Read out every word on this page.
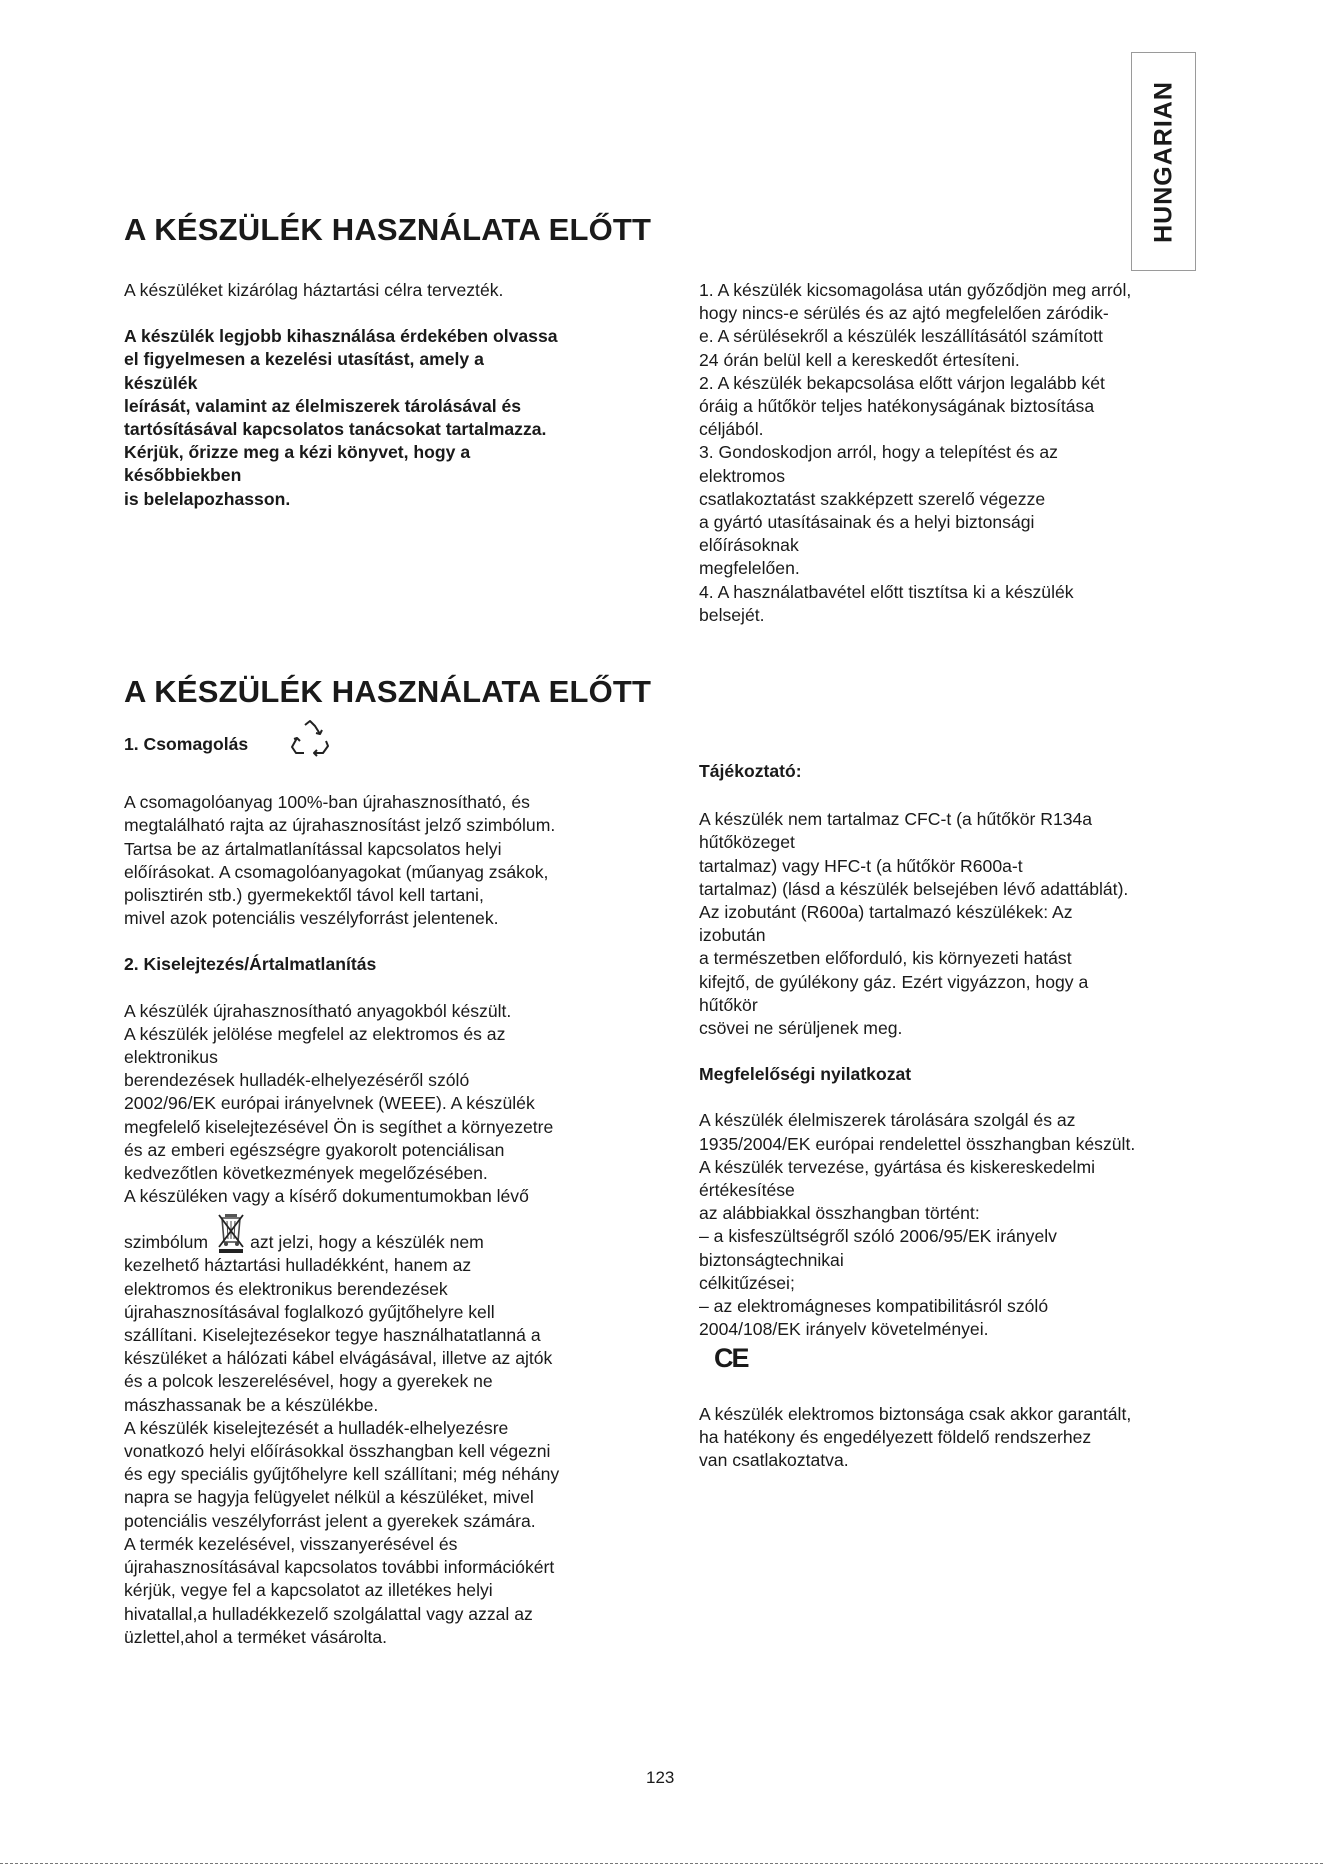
HUNGARIAN
A KÉSZÜLÉK HASZNÁLATA ELŐTT
A készüléket kizárólag háztartási célra tervezték.
A készülék legjobb kihasználása érdekében olvassa
el figyelmesen a kezelési utasítást, amely a
készülék
leírását, valamint az élelmiszerek tárolásával és
tartósításával kapcsolatos tanácsokat tartalmazza.
Kérjük, őrizze meg a kézi könyvet, hogy a
későbbiekben
is belelapozhasson.
1. A készülék kicsomagolása után győződjön meg arról,
hogy nincs-e sérülés és az ajtó megfelelően záródik-
e. A sérülésekről a készülék leszállításától számított
24 órán belül kell a kereskedőt értesíteni.
2. A készülék bekapcsolása előtt várjon legalább két
óráig a hűtőkör teljes hatékonyságának biztosítása
céljából.
3. Gondoskodjon arról, hogy a telepítést és az
elektromos
csatlakoztatást szakképzett szerelő végezze
a gyártó utasításainak és a helyi biztonsági
előírásoknak
megfelelően.
4. A használatbavétel előtt tisztítsa ki a készülék
belsejét.
A KÉSZÜLÉK HASZNÁLATA ELŐTT
1. Csomagolás
A csomagolóanyag 100%-ban újrahasznosítható, és
megtalálható rajta az újrahasznosítást jelző szimbólum.
Tartsa be az ártalmatlanítással kapcsolatos helyi
előírásokat. A csomagolóanyagokat (műanyag zsákok,
polisztirén stb.) gyermekektől távol kell tartani,
mivel azok potenciális veszélyforrást jelentenek.
2. Kiselejtezés/Ártalmatlanítás
A készülék újrahasznosítható anyagokból készült.
A készülék jelölése megfelel az elektromos és az
elektronikus
berendezések hulladék-elhelyezéséről szóló
2002/96/EK európai irányelvnek (WEEE). A készülék
megfelelő kiselejtezésével Ön is segíthet a környezetre
és az emberi egészségre gyakorolt potenciálisan
kedvezőtlen következmények megelőzésében.
A készüléken vagy a kísérő dokumentumokban lévő
szimbólum azt jelzi, hogy a készülék nem
kezelhető háztartási hulladékként, hanem az
elektromos és elektronikus berendezések
újrahasznosításával foglalkozó gyűjtőhelyre kell
szállítani. Kiselejtezésekor tegye használhatatlanná a
készüléket a hálózati kábel elvágásával, illetve az ajtók
és a polcok leszerelésével, hogy a gyerekek ne
mászhassanak be a készülékbe.
A készülék kiselejtezését a hulladék-elhelyezésre
vonatkozó helyi előírásokkal összhangban kell végezni
és egy speciális gyűjtőhelyre kell szállítani; még néhány
napra se hagyja felügyelet nélkül a készüléket, mivel
potenciális veszélyforrást jelent a gyerekek számára.
A termék kezelésével, visszanyerésével és
újrahasznosításával kapcsolatos további információkért
kérjük, vegye fel a kapcsolatot az illetékes helyi
hivatallal,a hulladékkezelő szolgálattal vagy azzal az
üzlettel,ahol a terméket vásárolta.
Tájékoztató:
A készülék nem tartalmaz CFC-t (a hűtőkör R134a
hűtőközeget
tartalmaz) vagy HFC-t (a hűtőkör R600a-t
tartalmaz) (lásd a készülék belsejében lévő adattáblát).
Az izobutánt (R600a) tartalmazó készülékek: Az
izobután
a természetben előforduló, kis környezeti hatást
kifejtő, de gyúlékony gáz. Ezért vigyázzon, hogy a
hűtőkör
csövei ne sérüljenek meg.
Megfelelőségi nyilatkozat
A készülék élelmiszerek tárolására szolgál és az
1935/2004/EK európai rendelettel összhangban készült.
A készülék tervezése, gyártása és kiskereskedelmi
értékesítése
az alábbiakkal összhangban történt:
– a kisfeszültségről szóló 2006/95/EK irányelv
biztonságtechnikai
célkitűzései;
– az elektromágneses kompatibilitásról szóló
2004/108/EK irányelv követelményei.
CE
A készülék elektromos biztonsága csak akkor garantált,
ha hatékony és engedélyezett földelő rendszerhez
van csatlakoztatva.
123
